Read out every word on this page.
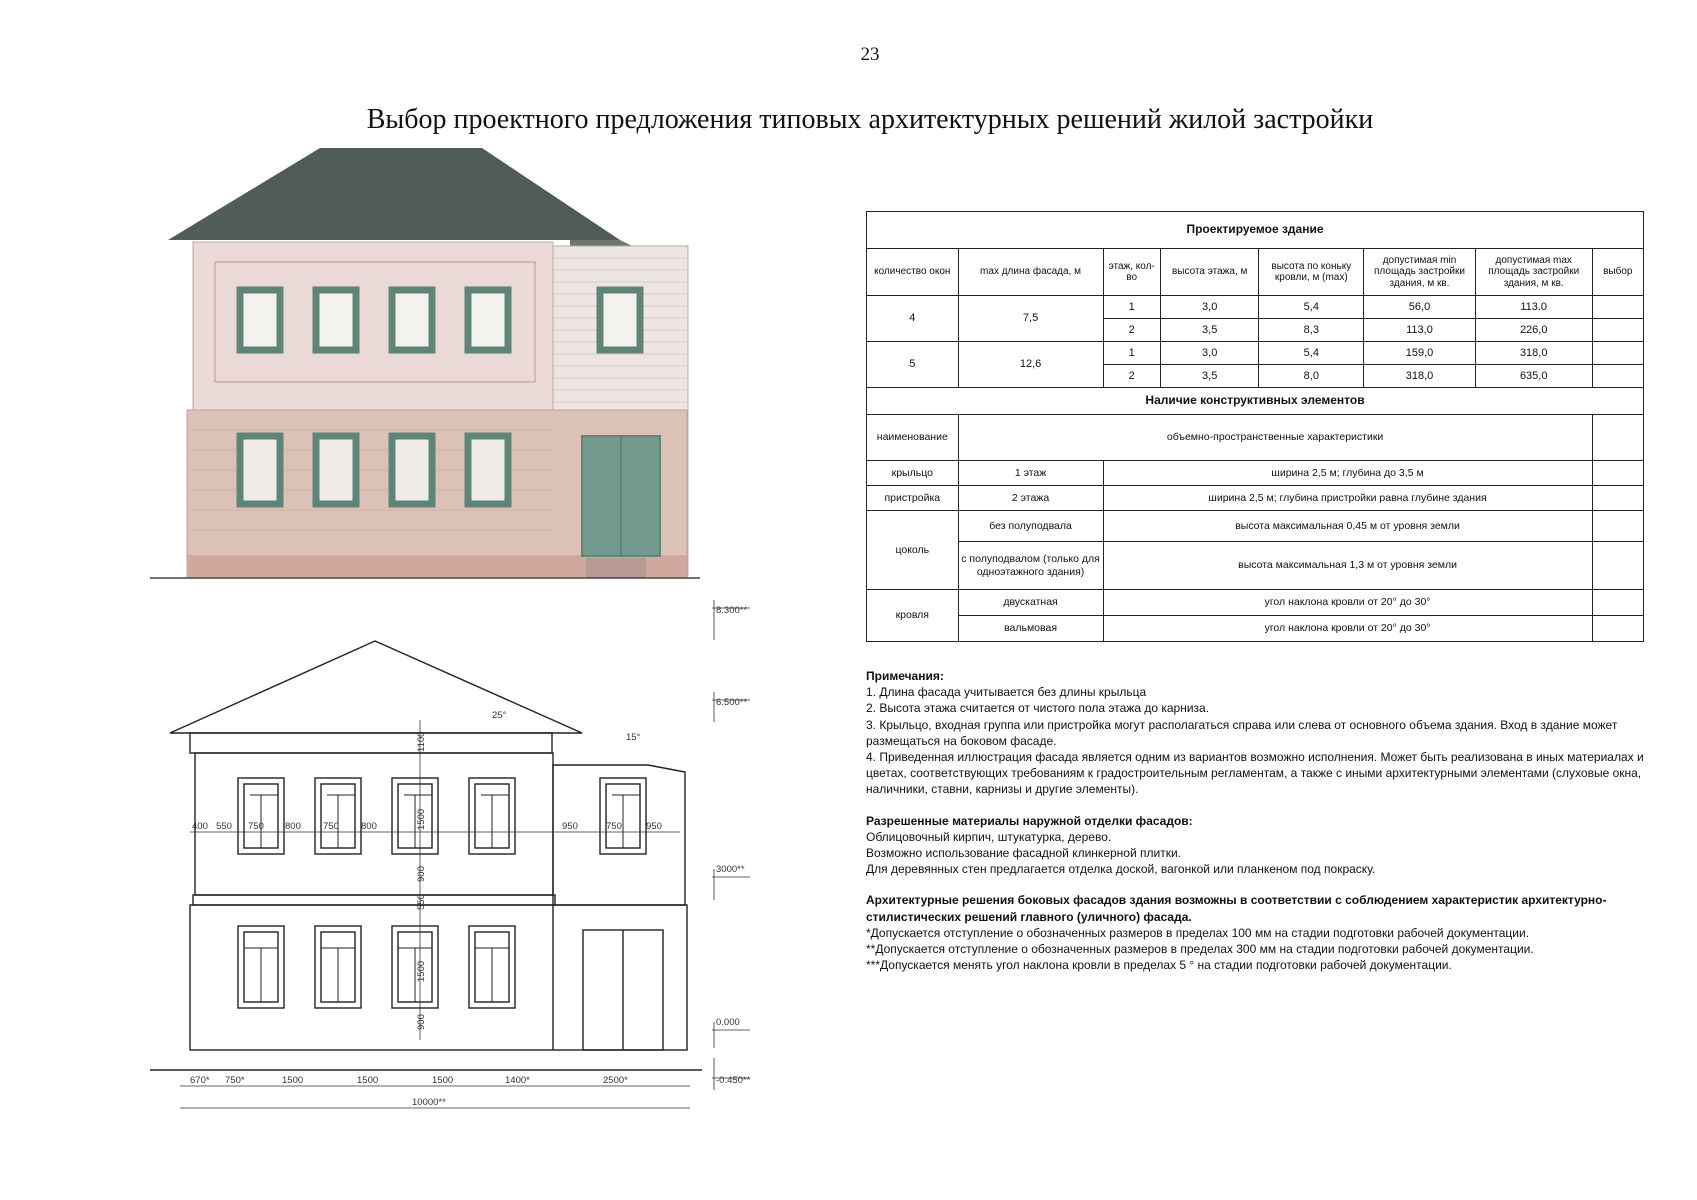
23
Выбор проектного предложения типовых архитектурных решений жилой застройки
8.300**
6.500**
3000**
0.000
-0.450**
25°
15°
400 550 750 800 750 800	950	750	950
1100
1500
900
550
1500
900
670* 750*	1500	1500	1500	1400*	2500*
10000**
Проектируемое здание							
количество окон	max длина фасада, м	этаж, кол-во	высота этажа, м	высота по коньку кровли, м (max)	допустимая min площадь застройки здания, м кв.	допустимая max площадь застройки здания, м кв.	выбор
4	7,5	1	3,0	5,4	56,0	113.0	
		2	3,5	8,3	113,0	226,0	
5	12,6	1	3,0	5,4	159,0	318,0	
		2	3,5	8,0	318,0	635,0	
Наличие конструктивных элементов							
наименование	объемно-пространственные характеристики						
крыльцо	1 этаж	ширина 2,5 м; глубина до 3,5 м					
пристройка	2 этажа	ширина 2,5 м; глубина пристройки равна глубине здания					
цоколь	без полуподвала	высота максимальная 0,45 м от уровня земли					
	с полуподвалом (только для одноэтажного здания)	высота максимальная 1,3 м от уровня земли					
кровля	двускатная	угол наклона кровли от 20° до 30°					
	вальмовая	угол наклона кровли от 20° до 30°					

Примечания:

1. Длина фасада учитывается без длины крыльца

2. Высота этажа считается от чистого пола этажа до карниза.

3. Крыльцо, входная группа или пристройка могут располагаться справа или слева от основного объема здания. Вход в здание может размещаться на боковом фасаде.

4. Приведенная иллюстрация фасада является одним из вариантов возможно исполнения. Может быть реализована в иных материалах и цветах, соответствующих требованиям к градостроительным регламентам, а также с иными архитектурными элементами (слуховые окна, наличники, ставни, карнизы и другие элементы).

Разрешенные материалы наружной отделки фасадов:

Облицовочный кирпич, штукатурка, дерево.

Возможно использование фасадной клинкерной плитки.

Для деревянных стен предлагается отделка доской, вагонкой или планкеном под покраску.

Архитектурные решения боковых фасадов здания возможны в соответствии с соблюдением характеристик архитектурно-стилистических решений главного (уличного) фасада.

*Допускается отступление о обозначенных размеров в пределах 100 мм на стадии подготовки рабочей документации.

**Допускается отступление о обозначенных размеров в пределах 300 мм на стадии подготовки рабочей документации.

***Допускается менять угол наклона кровли в пределах 5 ° на стадии подготовки рабочей документации.
